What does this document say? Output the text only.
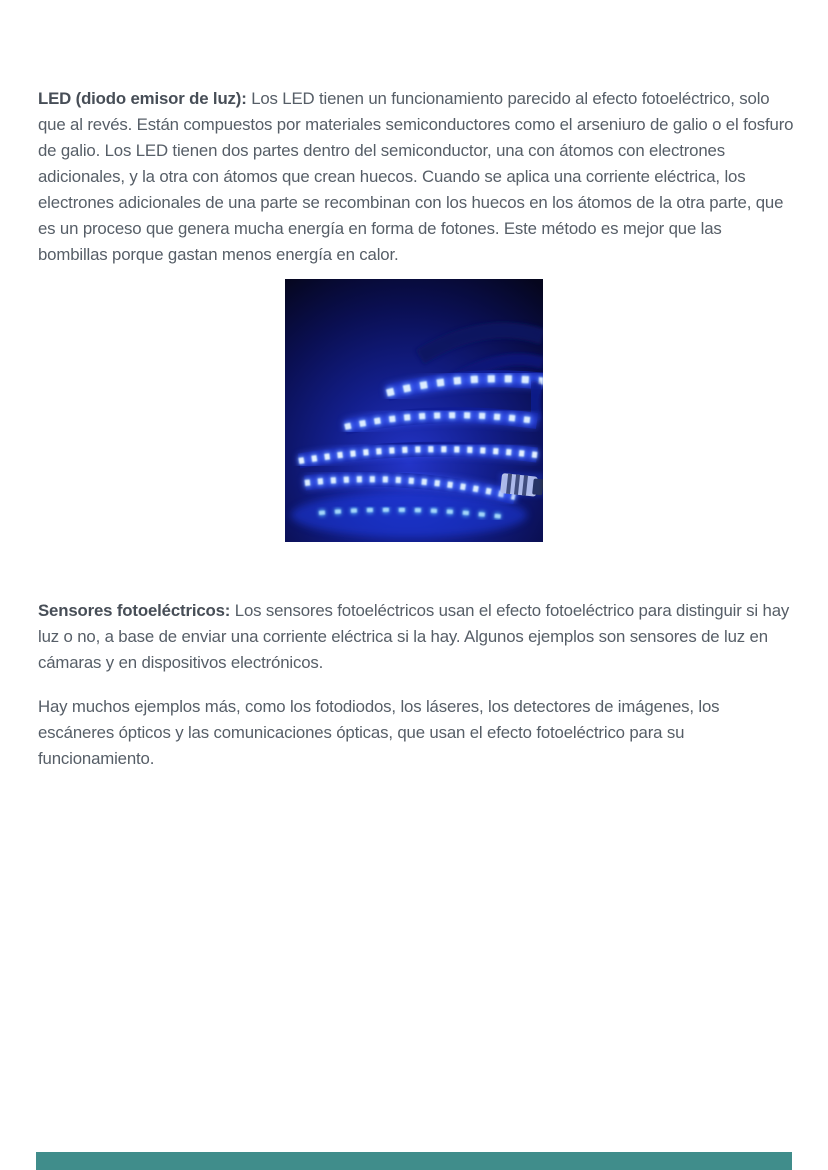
LED (diodo emisor de luz): Los LED tienen un funcionamiento parecido al efecto fotoeléctrico, solo que al revés. Están compuestos por materiales semiconductores como el arseniuro de galio o el fosfuro de galio. Los LED tienen dos partes dentro del semiconductor, una con átomos con electrones adicionales, y la otra con átomos que crean huecos. Cuando se aplica una corriente eléctrica, los electrones adicionales de una parte se recombinan con los huecos en los átomos de la otra parte, que es un proceso que genera mucha energía en forma de fotones. Este método es mejor que las bombillas porque gastan menos energía en calor.

Sensores fotoeléctricos: Los sensores fotoeléctricos usan el efecto fotoeléctrico para distinguir si hay luz o no, a base de enviar una corriente eléctrica si la hay. Algunos ejemplos son sensores de luz en cámaras y en dispositivos electrónicos.

Hay muchos ejemplos más, como los fotodiodos, los láseres, los detectores de imágenes, los escáneres ópticos y las comunicaciones ópticas, que usan el efecto fotoeléctrico para su funcionamiento.
